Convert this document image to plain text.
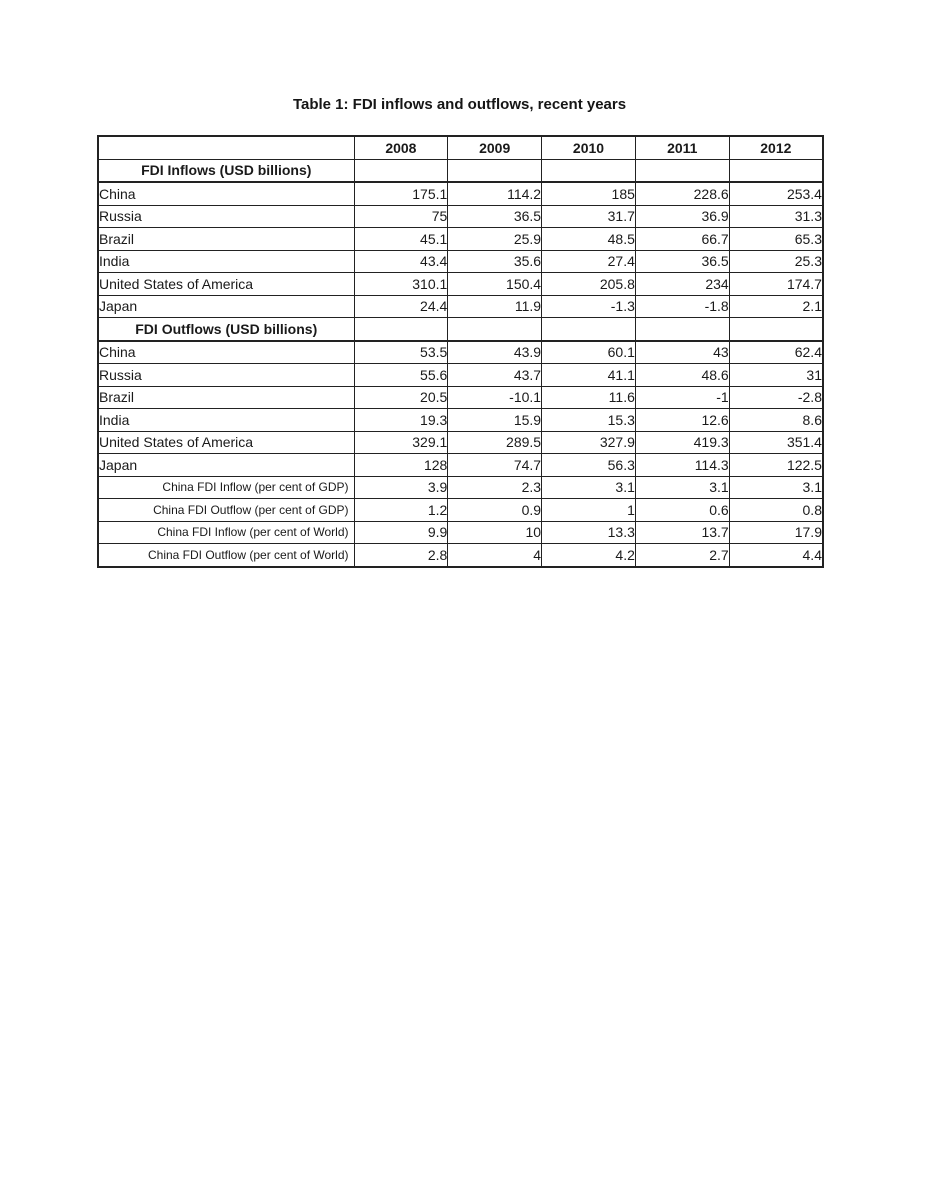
Table 1: FDI inflows and outflows, recent years
	2008	2009	2010	2011	2012
FDI Inflows (USD billions)					
China	175.1	114.2	185	228.6	253.4
Russia	75	36.5	31.7	36.9	31.3
Brazil	45.1	25.9	48.5	66.7	65.3
India	43.4	35.6	27.4	36.5	25.3
United States of America	310.1	150.4	205.8	234	174.7
Japan	24.4	11.9	-1.3	-1.8	2.1
FDI Outflows (USD billions)					
China	53.5	43.9	60.1	43	62.4
Russia	55.6	43.7	41.1	48.6	31
Brazil	20.5	-10.1	11.6	-1	-2.8
India	19.3	15.9	15.3	12.6	8.6
United States of America	329.1	289.5	327.9	419.3	351.4
Japan	128	74.7	56.3	114.3	122.5
China FDI Inflow (per cent of GDP)	3.9	2.3	3.1	3.1	3.1
China FDI Outflow (per cent of GDP)	1.2	0.9	1	0.6	0.8
China FDI Inflow (per cent of World)	9.9	10	13.3	13.7	17.9
China FDI Outflow (per cent of World)	2.8	4	4.2	2.7	4.4
